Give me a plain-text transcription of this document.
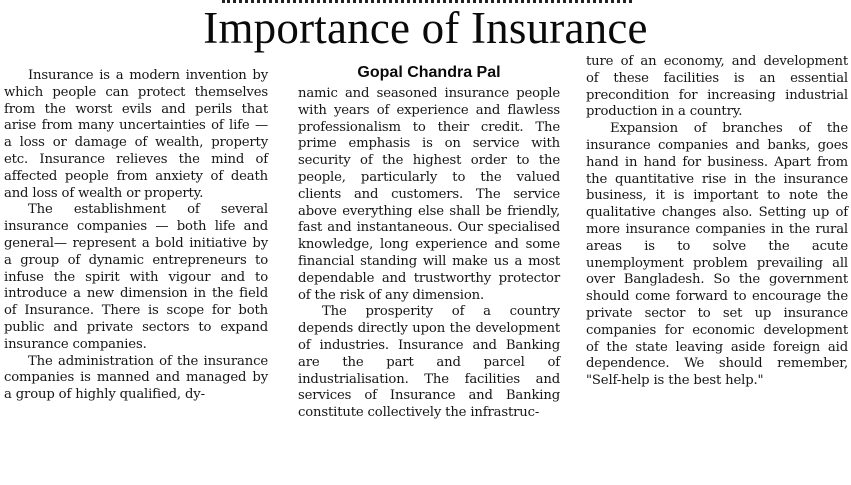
Importance of Insurance

Insurance is a modern invention by which people can protect themselves from the worst evils and perils that arise from many uncertainties of life — a loss or damage of wealth, property etc. Insurance relieves the mind of affected people from anxiety of death and loss of wealth or property.

The establishment of several insurance companies — both life and general— represent a bold initiative by a group of dynamic entrepreneurs to infuse the spirit with vigour and to introduce a new dimension in the field of Insurance. There is scope for both public and private sectors to expand insurance companies.

The administration of the insurance companies is manned and managed by a group of highly qualified, dy-

Gopal Chandra Pal

namic and seasoned insurance people with years of experience and flawless professionalism to their credit. The prime emphasis is on service with security of the highest order to the people, particularly to the valued clients and customers. The service above everything else shall be friendly, fast and instantaneous. Our specialised knowledge, long experience and some financial standing will make us a most dependable and trustworthy protector of the risk of any dimension.

The prosperity of a country depends directly upon the development of industries. Insurance and Banking are the part and parcel of industrialisation. The facilities and services of Insurance and Banking constitute collectively the infrastruc-

ture of an economy, and development of these facilities is an essential precondition for increasing industrial production in a country.

Expansion of branches of the insurance companies and banks, goes hand in hand for business. Apart from the quantitative rise in the insurance business, it is important to note the qualitative changes also. Setting up of more insurance companies in the rural areas is to solve the acute unemployment problem prevailing all over Bangladesh. So the government should come forward to encourage the private sector to set up insurance companies for economic development of the state leaving aside foreign aid dependence. We should remember, "Self-help is the best help."
